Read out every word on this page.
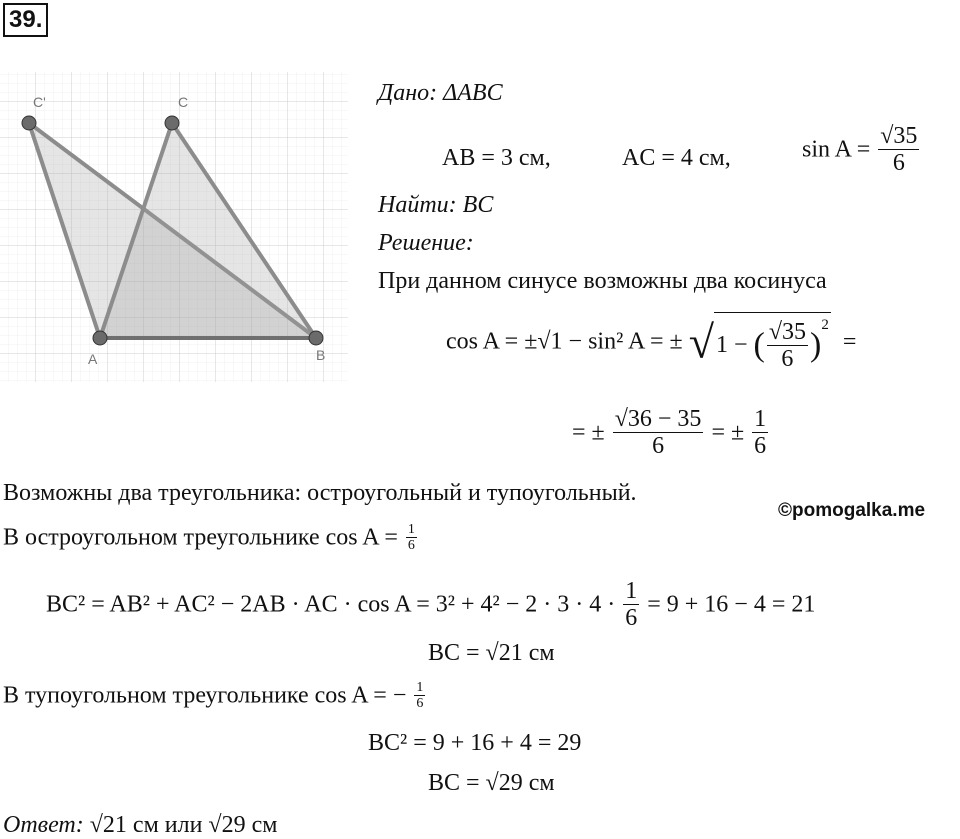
39.
C'	C
A	B
Дано: ΔABC
AB = 3 см,	AC = 4 см,	$\sin A = \frac{√35}{6}$
Найти: BC
Решение:
При данном синусе возможны два косинуса
cos A = ±√1 − sin² A = ± √1 − ( $\frac{√35}{6} )^2$ =
= ± $\frac{√36 - 35}{6}$ = ± $\frac{1}{6}$
Возможны два треугольника: остроугольный и тупоугольный.
©pomogalka.me
В остроугольном треугольнике $\cos A = \frac{1}{6}$
BC² = AB² + AC² − 2AB · AC · $\cos A = 3^2 + 4^2 - 2 \cdot 3 \cdot 4 \cdot \frac{1}{6} = 9 + 16 - 4 = 21$
BC = √21 см
В тупоугольном треугольнике cos A = − $\frac{1}{6}$
BC² = 9 + 16 + 4 = 29
BC = √29 см
Ответ: √21 см или √29 см
